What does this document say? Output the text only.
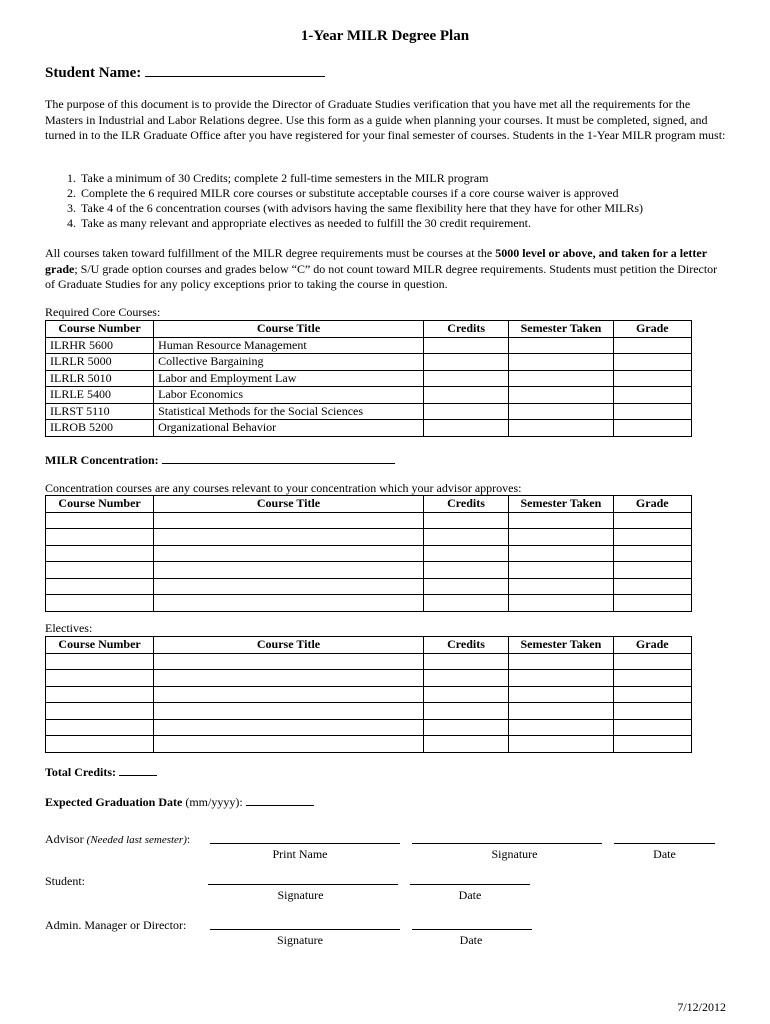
1-Year MILR Degree Plan
Student Name:
The purpose of this document is to provide the Director of Graduate Studies verification that you have met all the requirements for the Masters in Industrial and Labor Relations degree. Use this form as a guide when planning your courses. It must be completed, signed, and turned in to the ILR Graduate Office after you have registered for your final semester of courses. Students in the 1-Year MILR program must:
1. Take a minimum of 30 Credits; complete 2 full-time semesters in the MILR program
2. Complete the 6 required MILR core courses or substitute acceptable courses if a core course waiver is approved
3. Take 4 of the 6 concentration courses (with advisors having the same flexibility here that they have for other MILRs)
4. Take as many relevant and appropriate electives as needed to fulfill the 30 credit requirement.
All courses taken toward fulfillment of the MILR degree requirements must be courses at the 5000 level or above, and taken for a letter grade; S/U grade option courses and grades below “C” do not count toward MILR degree requirements. Students must petition the Director of Graduate Studies for any policy exceptions prior to taking the course in question.
Required Core Courses:
Course Number	Course Title	Credits	Semester Taken	Grade
ILRHR 5600	Human Resource Management			
ILRLR 5000	Collective Bargaining			
ILRLR 5010	Labor and Employment Law			
ILRLE 5400	Labor Economics			
ILRST 5110	Statistical Methods for the Social Sciences			
ILROB 5200	Organizational Behavior			
MILR Concentration:
Concentration courses are any courses relevant to your concentration which your advisor approves:
Course Number	Course Title	Credits	Semester Taken	Grade

Electives:
Course Number	Course Title	Credits	Semester Taken	Grade

Total Credits:
Expected Graduation Date (mm/yyyy):
Advisor (Needed last semester):
Print Name	Signature	Date
Student:
Signature	Date
Admin. Manager or Director:
Signature	Date
7/12/2012
